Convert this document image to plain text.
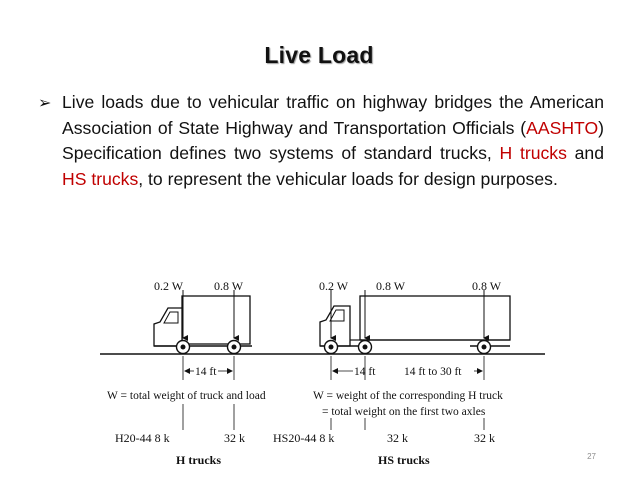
Live Load
➢ Live loads due to vehicular traffic on highway bridges the American Association of State Highway and Transportation Officials (AASHTO) Specification defines two systems of standard trucks, H trucks and HS trucks, to represent the vehicular loads for design purposes.
0.2 W	0.8 W	0.2 W 0.8 W	0.8 W
14 ft	14 ft 14 ft to 30 ft
W = total weight of truck and load	W = weight of the corresponding H truck
= total weight on the first two axles
H20-44 8 k	32 k HS20-44 8 k	32 k	32 k
H trucks	HS trucks	27
